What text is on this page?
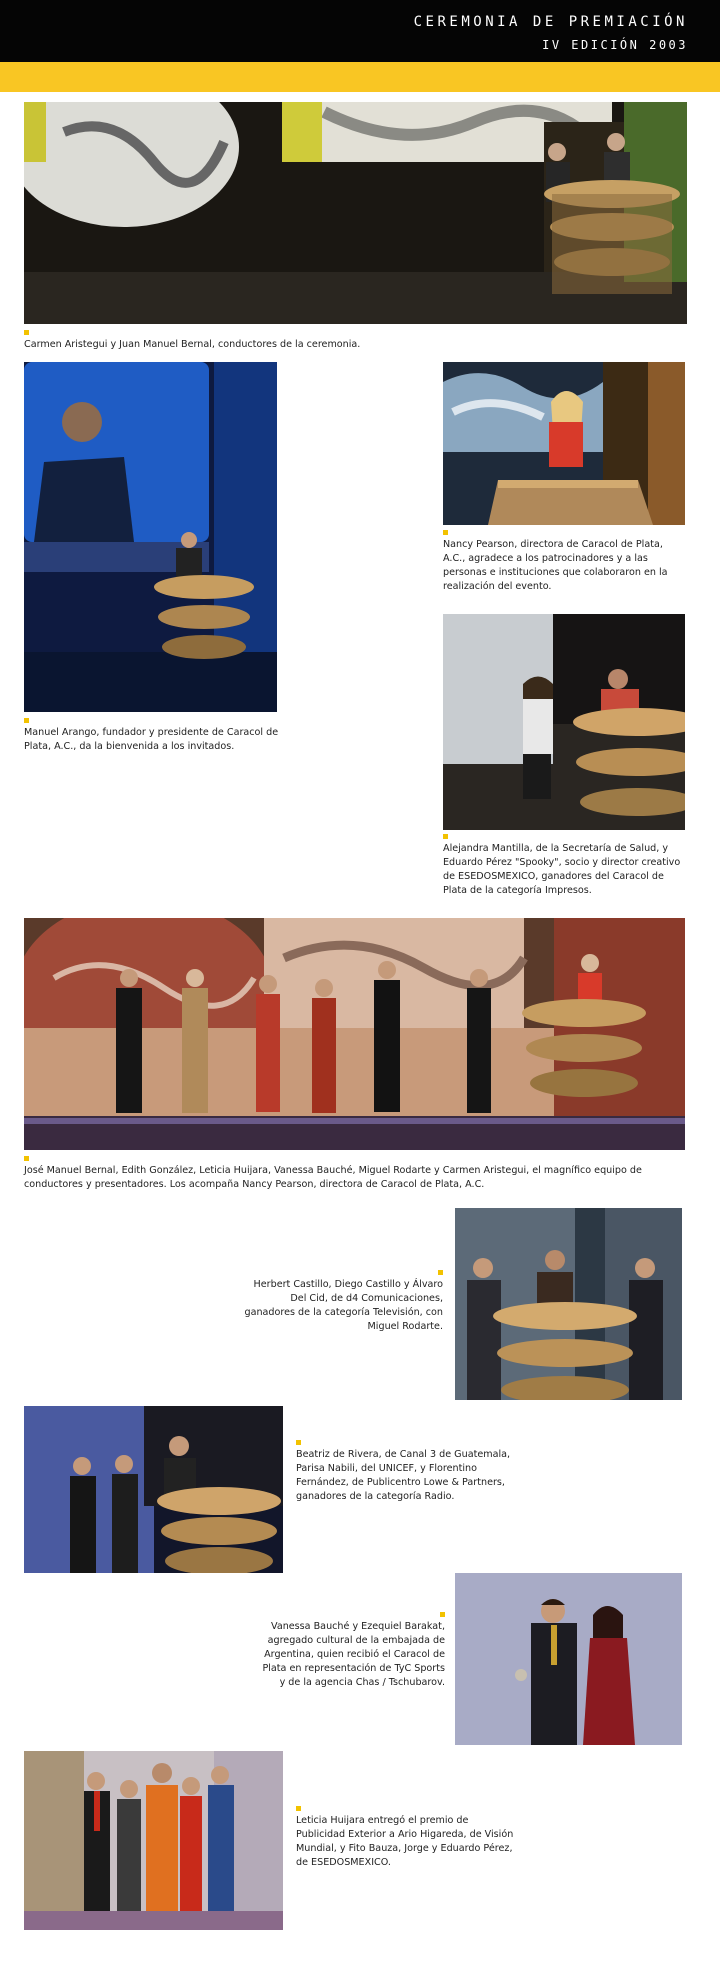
CEREMONIA DE PREMIACIÓN
IV EDICIÓN 2003
Carmen Aristegui y Juan Manuel Bernal, conductores de la ceremonia.
Manuel Arango, fundador y presidente de Caracol de Plata, A.C., da la bienvenida a los invitados.
Nancy Pearson, directora de Caracol de Plata, A.C., agradece a los patrocinadores y a las personas e instituciones que colaboraron en la realización del evento.
Alejandra Mantilla, de la Secretaría de Salud, y Eduardo Pérez "Spooky", socio y director creativo de ESEDOSMEXICO, ganadores del Caracol de Plata de la categoría Impresos.
José Manuel Bernal, Edith González, Leticia Huijara, Vanessa Bauché, Miguel Rodarte y Carmen Aristegui, el magnífico equipo de conductores y presentadores. Los acompaña Nancy Pearson, directora de Caracol de Plata, A.C.
Herbert Castillo, Diego Castillo y Álvaro Del Cid, de d4 Comunicaciones, ganadores de la categoría Televisión, con Miguel Rodarte.
Beatriz de Rivera, de Canal 3 de Guatemala, Parisa Nabili, del UNICEF, y Florentino Fernández, de Publicentro Lowe & Partners, ganadores de la categoría Radio.
Vanessa Bauché y Ezequiel Barakat, agregado cultural de la embajada de Argentina, quien recibió el Caracol de Plata en representación de TyC Sports y de la agencia Chas / Tschubarov.
Leticia Huijara entregó el premio de Publicidad Exterior a Ario Higareda, de Visión Mundial, y Fito Bauza, Jorge y Eduardo Pérez, de ESEDOSMEXICO.
